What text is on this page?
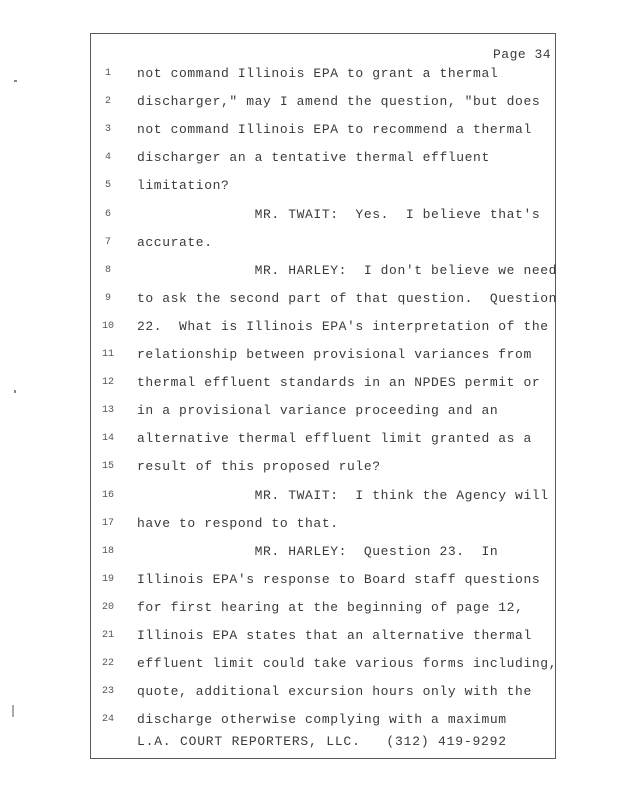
Page 34
1	not command Illinois EPA to grant a thermal
2	discharger," may I amend the question, "but does
3	not command Illinois EPA to recommend a thermal
4	discharger an a tentative thermal effluent
5	limitation?
6	MR. TWAIT:  Yes.  I believe that's
7	accurate.
8	MR. HARLEY:  I don't believe we need
9	to ask the second part of that question.  Question
10	22.  What is Illinois EPA's interpretation of the
11	relationship between provisional variances from
12	thermal effluent standards in an NPDES permit or
13	in a provisional variance proceeding and an
14	alternative thermal effluent limit granted as a
15	result of this proposed rule?
16	MR. TWAIT:  I think the Agency will
17	have to respond to that.
18	MR. HARLEY:  Question 23.  In
19	Illinois EPA's response to Board staff questions
20	for first hearing at the beginning of page 12,
21	Illinois EPA states that an alternative thermal
22	effluent limit could take various forms including,
23	quote, additional excursion hours only with the
24	discharge otherwise complying with a maximum
L.A. COURT REPORTERS, LLC.   (312) 419-9292
